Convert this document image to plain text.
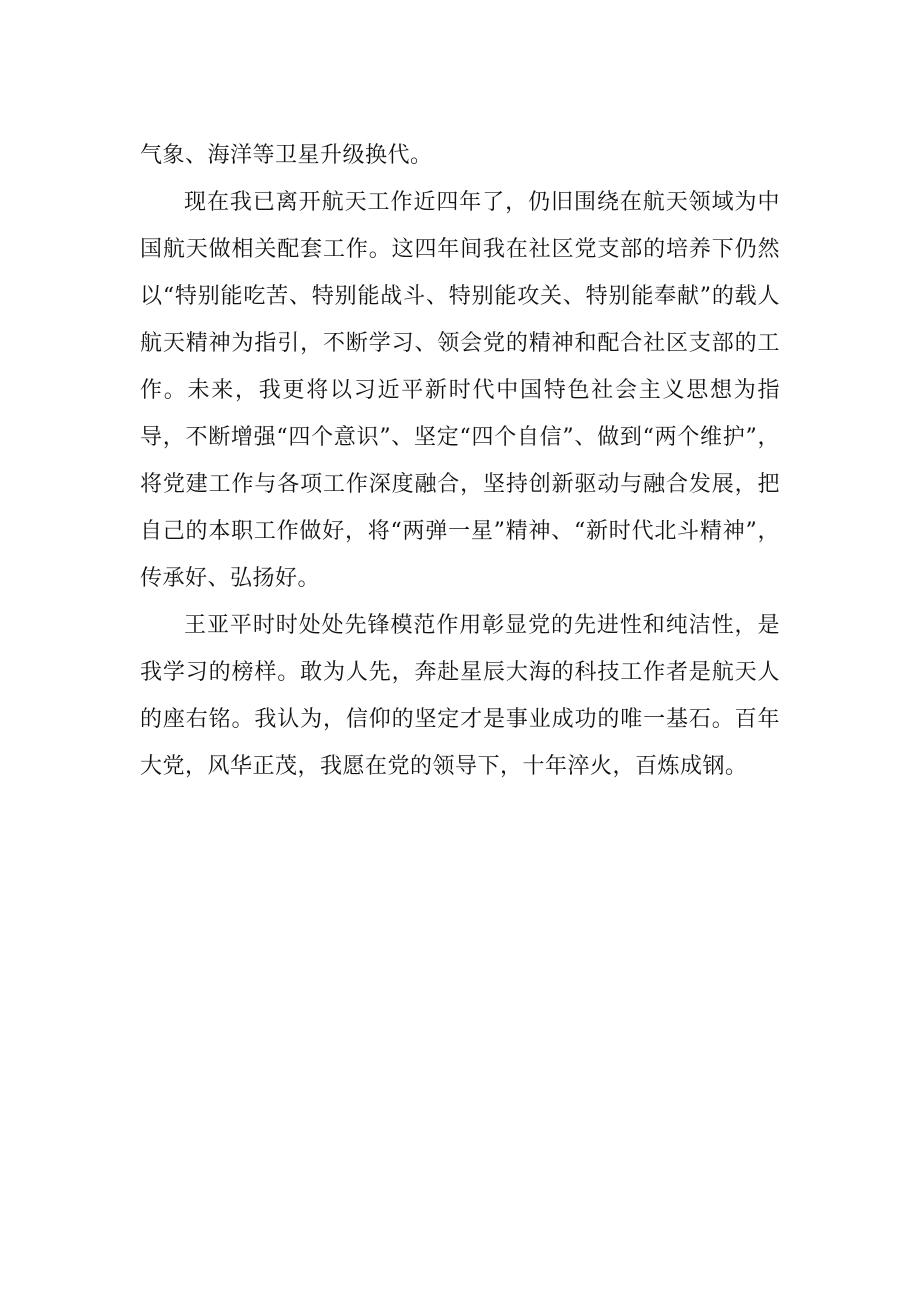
气象、海洋等卫星升级换代。

现在我已离开航天工作近四年了，仍旧围绕在航天领域为中国航天做相关配套工作。这四年间我在社区党支部的培养下仍然以“特别能吃苦、特别能战斗、特别能攻关、特别能奉献”的载人航天精神为指引，不断学习、领会党的精神和配合社区支部的工作。未来，我更将以习近平新时代中国特色社会主义思想为指导，不断增强“四个意识”、坚定“四个自信”、做到“两个维护”，将党建工作与各项工作深度融合，坚持创新驱动与融合发展，把自己的本职工作做好，将“两弹一星”精神、“新时代北斗精神”，传承好、弘扬好。

王亚平时时处处先锋模范作用彰显党的先进性和纯洁性，是我学习的榜样。敢为人先，奔赴星辰大海的科技工作者是航天人的座右铭。我认为，信仰的坚定才是事业成功的唯一基石。百年大党，风华正茂，我愿在党的领导下，十年淬火，百炼成钢。
